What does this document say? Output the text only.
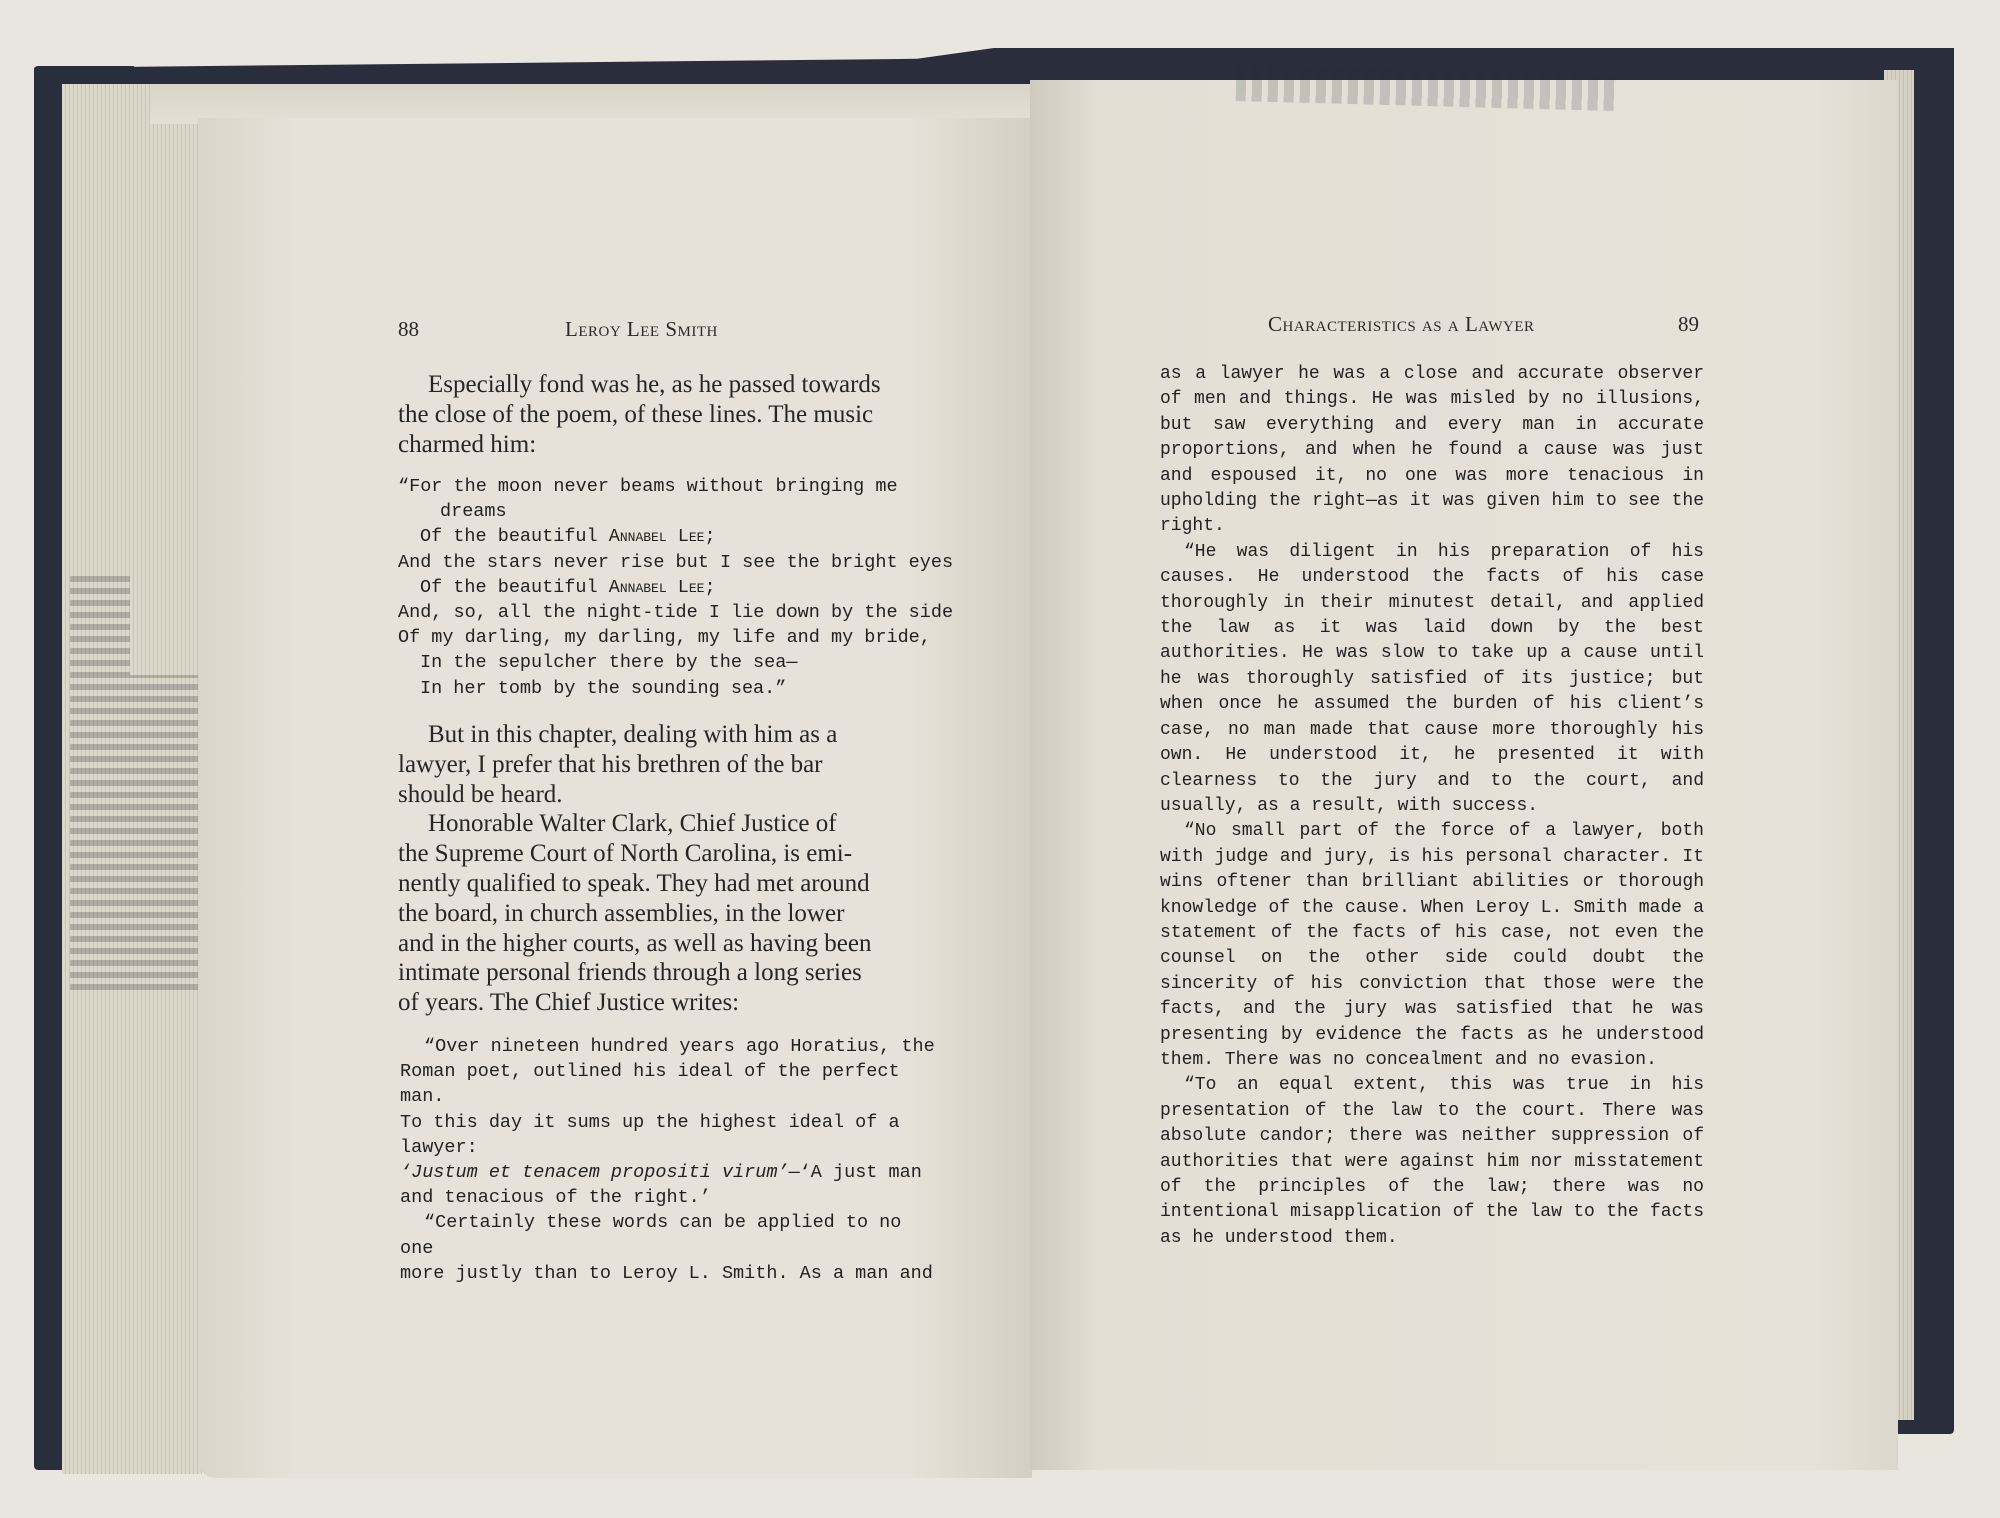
88	Leroy Lee Smith
Especially fond was he, as he passed towards
the close of the poem, of these lines. The music
charmed him:
“For the moon never beams without bringing me
dreams
Of the beautiful Annabel Lee;
And the stars never rise but I see the bright eyes
Of the beautiful Annabel Lee;
And, so, all the night-tide I lie down by the side
Of my darling, my darling, my life and my bride,
In the sepulcher there by the sea—
In her tomb by the sounding sea.”
But in this chapter, dealing with him as a
lawyer, I prefer that his brethren of the bar
should be heard.
Honorable Walter Clark, Chief Justice of
the Supreme Court of North Carolina, is emi-
nently qualified to speak. They had met around
the board, in church assemblies, in the lower
and in the higher courts, as well as having been
intimate personal friends through a long series
of years. The Chief Justice writes:
“Over nineteen hundred years ago Horatius, the
Roman poet, outlined his ideal of the perfect man.
To this day it sums up the highest ideal of a lawyer:
‘Justum et tenacem propositi virum’—‘A just man
and tenacious of the right.’
“Certainly these words can be applied to no one
more justly than to Leroy L. Smith. As a man and
Characteristics as a Lawyer	89

as a lawyer he was a close and accurate observer of men and things. He was misled by no illusions, but saw everything and every man in accurate proportions, and when he found a cause was just and espoused it, no one was more tenacious in upholding the right—as it was given him to see the right.

“He was diligent in his preparation of his causes. He understood the facts of his case thoroughly in their minutest detail, and applied the law as it was laid down by the best authorities. He was slow to take up a cause until he was thoroughly satisfied of its justice; but when once he assumed the burden of his client’s case, no man made that cause more thoroughly his own. He understood it, he presented it with clearness to the jury and to the court, and usually, as a result, with success.

“No small part of the force of a lawyer, both with judge and jury, is his personal character. It wins oftener than brilliant abilities or thorough knowledge of the cause. When Leroy L. Smith made a statement of the facts of his case, not even the counsel on the other side could doubt the sincerity of his conviction that those were the facts, and the jury was satisfied that he was presenting by evidence the facts as he understood them. There was no concealment and no evasion.

“To an equal extent, this was true in his presentation of the law to the court. There was absolute candor; there was neither suppression of authorities that were against him nor misstatement of the principles of the law; there was no intentional misapplication of the law to the facts as he understood them.
